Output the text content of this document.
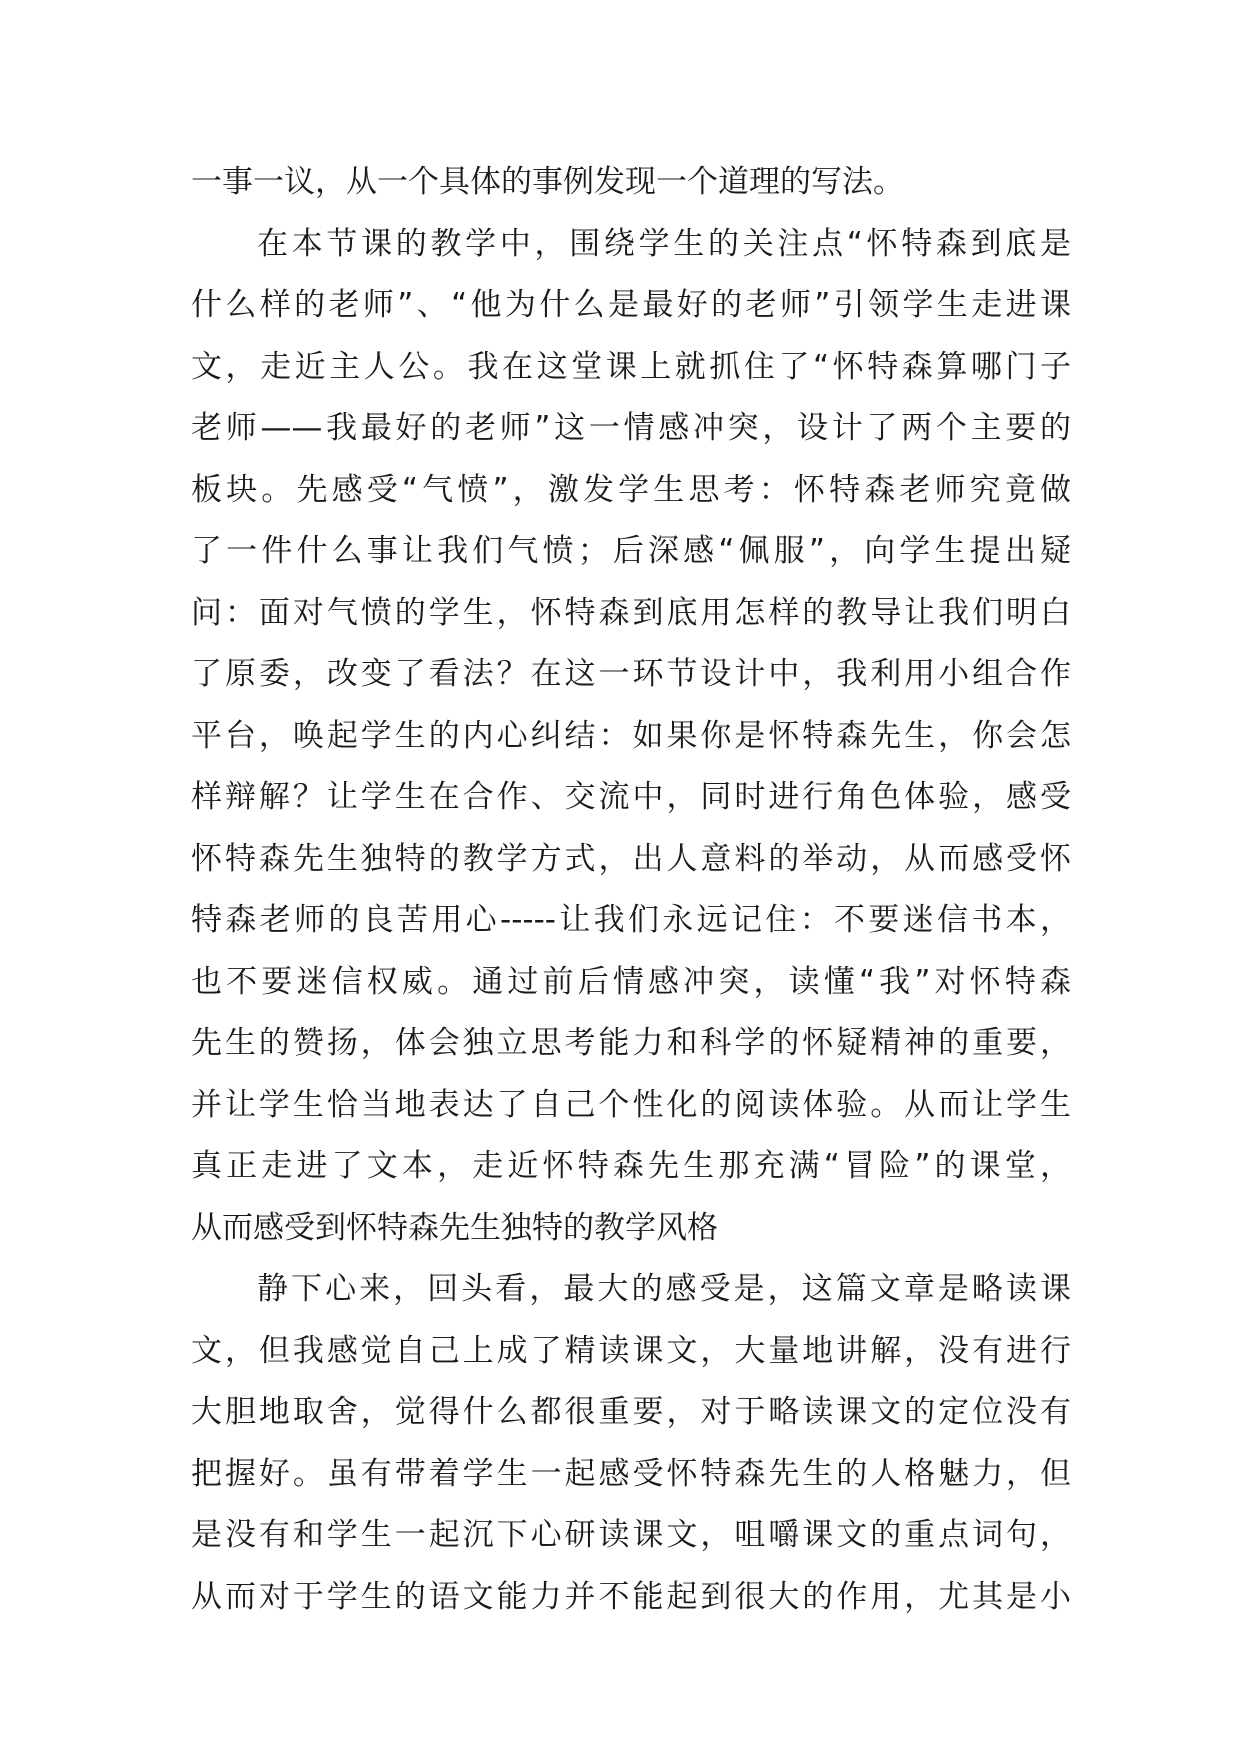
一事一议，从一个具体的事例发现一个道理的写法。
在本节课的教学中，围绕学生的关注点“怀特森到底是
什么样的老师”、“他为什么是最好的老师”引领学生走进课
文，走近主人公。我在这堂课上就抓住了“怀特森算哪门子
老师——我最好的老师”这一情感冲突，设计了两个主要的
板块。先感受“气愤”，激发学生思考：怀特森老师究竟做
了一件什么事让我们气愤；后深感“佩服”，向学生提出疑
问：面对气愤的学生，怀特森到底用怎样的教导让我们明白
了原委，改变了看法？在这一环节设计中，我利用小组合作
平台，唤起学生的内心纠结：如果你是怀特森先生，你会怎
样辩解？让学生在合作、交流中，同时进行角色体验，感受
怀特森先生独特的教学方式，出人意料的举动，从而感受怀
特森老师的良苦用心-----让我们永远记住：不要迷信书本，
也不要迷信权威。通过前后情感冲突，读懂“我”对怀特森
先生的赞扬，体会独立思考能力和科学的怀疑精神的重要，
并让学生恰当地表达了自己个性化的阅读体验。从而让学生
真正走进了文本，走近怀特森先生那充满“冒险”的课堂，
从而感受到怀特森先生独特的教学风格
静下心来，回头看，最大的感受是，这篇文章是略读课
文，但我感觉自己上成了精读课文，大量地讲解，没有进行
大胆地取舍，觉得什么都很重要，对于略读课文的定位没有
把握好。虽有带着学生一起感受怀特森先生的人格魅力，但
是没有和学生一起沉下心研读课文，咀嚼课文的重点词句，
从而对于学生的语文能力并不能起到很大的作用，尤其是小
